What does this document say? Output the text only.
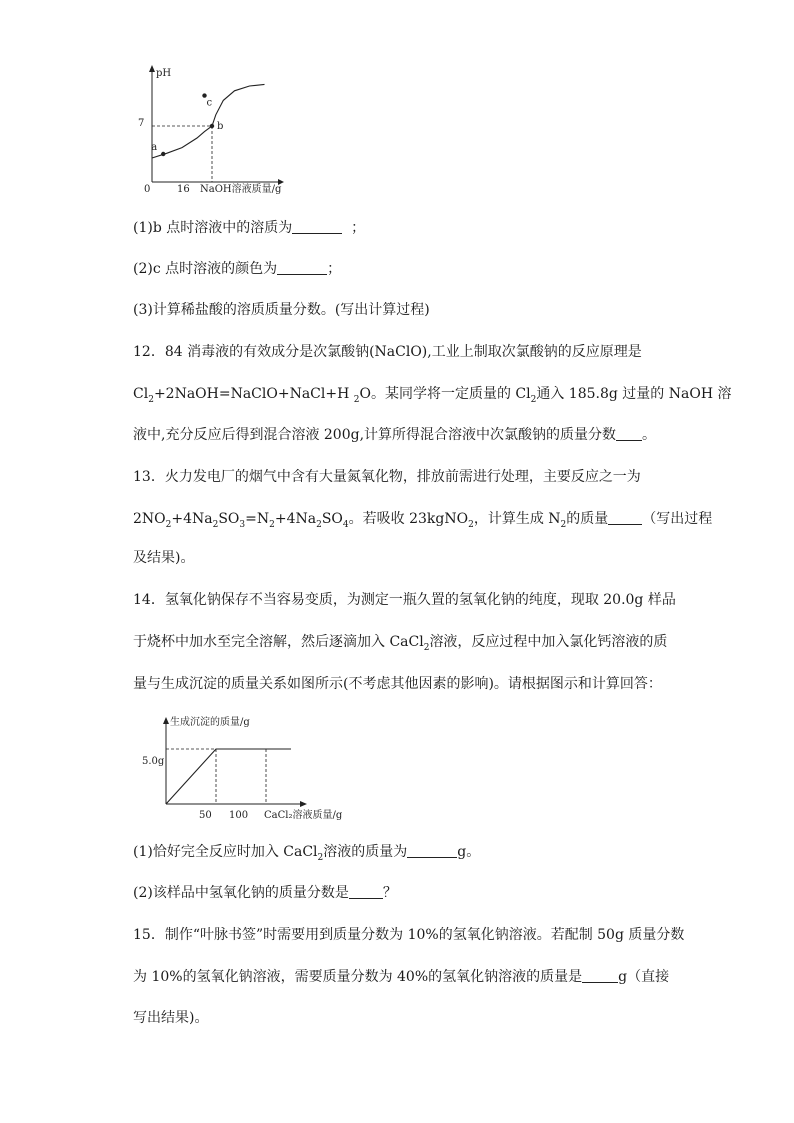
a
b
c
pH
7
0	16 NaOH溶液质量/g
(1)b 点时溶液中的溶质为	；
(2)c 点时溶液的颜色为	；
(3)计算稀盐酸的溶质质量分数。(写出计算过程)
12．84 消毒液的有效成分是次氯酸钠(NaClO),工业上制取次氯酸钠的反应原理是
$Cl_2+2NaOH=NaClO+NaCl+H$ $_2$O。某同学将一定质量的 $Cl_2$通入 185.8g 过量的 NaOH 溶
液中,充分反应后得到混合溶液 200g,计算所得混合溶液中次氯酸钠的质量分数 。
13．火力发电厂的烟气中含有大量氮氧化物，排放前需进行处理，主要反应之一为
$2NO_2+4Na_2SO_3=N_2+4Na_2SO_4$。若吸收 23kgNO$_2$，计算生成 $N_2$的质量 （写出过程
及结果)。
14．氢氧化钠保存不当容易变质，为测定一瓶久置的氢氧化钠的纯度，现取 20.0g 样品
于烧杯中加水至完全溶解，然后逐滴加入 CaCl$_2$溶液，反应过程中加入氯化钙溶液的质
量与生成沉淀的质量关系如图所示(不考虑其他因素的影响)。请根据图示和计算回答：
生成沉淀的质量/g
5.0g
50 100 CaCl₂溶液质量/g
(1)恰好完全反应时加入 CaCl$_2$溶液的质量为	g。
(2)该样品中氢氧化钠的质量分数是 ？
15．制作“叶脉书签”时需要用到质量分数为 10%的氢氧化钠溶液。若配制 50g 质量分数
为 10%的氢氧化钠溶液，需要质量分数为 40%的氢氧化钠溶液的质量是	g（直接
写出结果)。
